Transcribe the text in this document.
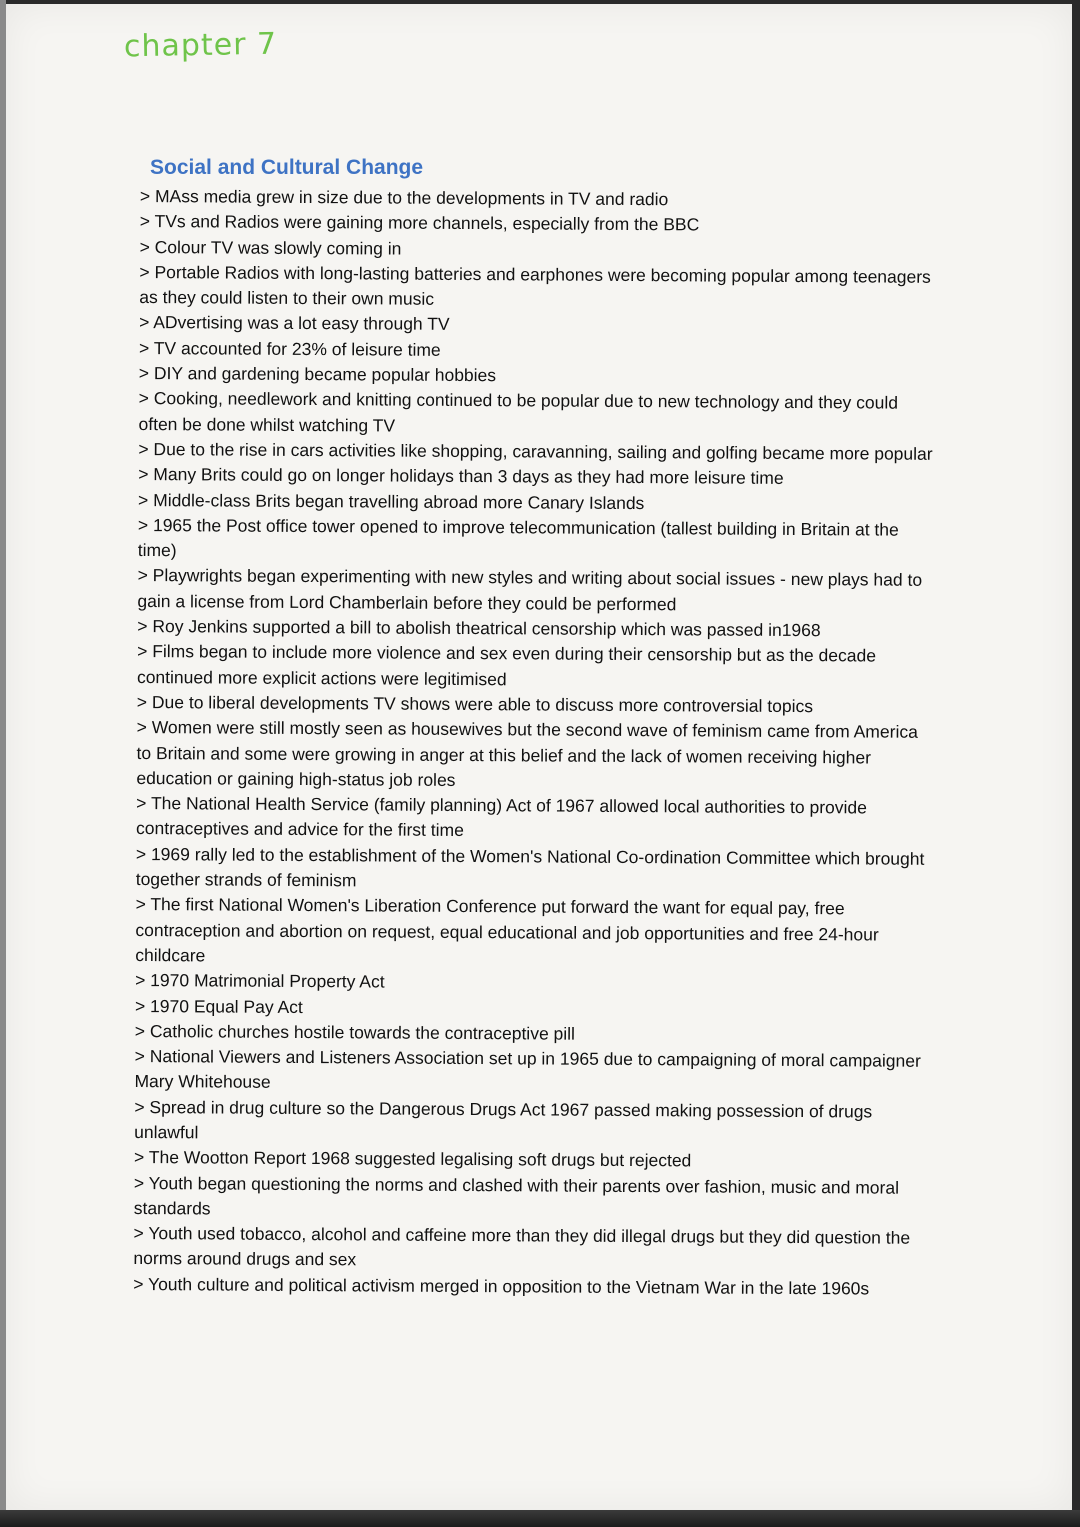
chapter 7
Social and Cultural Change

> MAss media grew in size due to the developments in TV and radio

> TVs and Radios were gaining more channels, especially from the BBC

> Colour TV was slowly coming in

> Portable Radios with long-lasting batteries and earphones were becoming popular among teenagers as they could listen to their own music

> ADvertising was a lot easy through TV

> TV accounted for 23% of leisure time

> DIY and gardening became popular hobbies

> Cooking, needlework and knitting continued to be popular due to new technology and they could often be done whilst watching TV

> Due to the rise in cars activities like shopping, caravanning, sailing and golfing became more popular

> Many Brits could go on longer holidays than 3 days as they had more leisure time

> Middle-class Brits began travelling abroad more Canary Islands

> 1965 the Post office tower opened to improve telecommunication (tallest building in Britain at the time)

> Playwrights began experimenting with new styles and writing about social issues - new plays had to gain a license from Lord Chamberlain before they could be performed

> Roy Jenkins supported a bill to abolish theatrical censorship which was passed in1968

> Films began to include more violence and sex even during their censorship but as the decade continued more explicit actions were legitimised

> Due to liberal developments TV shows were able to discuss more controversial topics

> Women were still mostly seen as housewives but the second wave of feminism came from America to Britain and some were growing in anger at this belief and the lack of women receiving higher education or gaining high-status job roles

> The National Health Service (family planning) Act of 1967 allowed local authorities to provide contraceptives and advice for the first time

> 1969 rally led to the establishment of the Women's National Co-ordination Committee which brought together strands of feminism

> The first National Women's Liberation Conference put forward the want for equal pay, free contraception and abortion on request, equal educational and job opportunities and free 24-hour childcare

> 1970 Matrimonial Property Act

> 1970 Equal Pay Act

> Catholic churches hostile towards the contraceptive pill

> National Viewers and Listeners Association set up in 1965 due to campaigning of moral campaigner Mary Whitehouse

> Spread in drug culture so the Dangerous Drugs Act 1967 passed making possession of drugs unlawful

> The Wootton Report 1968 suggested legalising soft drugs but rejected

> Youth began questioning the norms and clashed with their parents over fashion, music and moral standards

> Youth used tobacco, alcohol and caffeine more than they did illegal drugs but they did question the norms around drugs and sex

> Youth culture and political activism merged in opposition to the Vietnam War in the late 1960s
